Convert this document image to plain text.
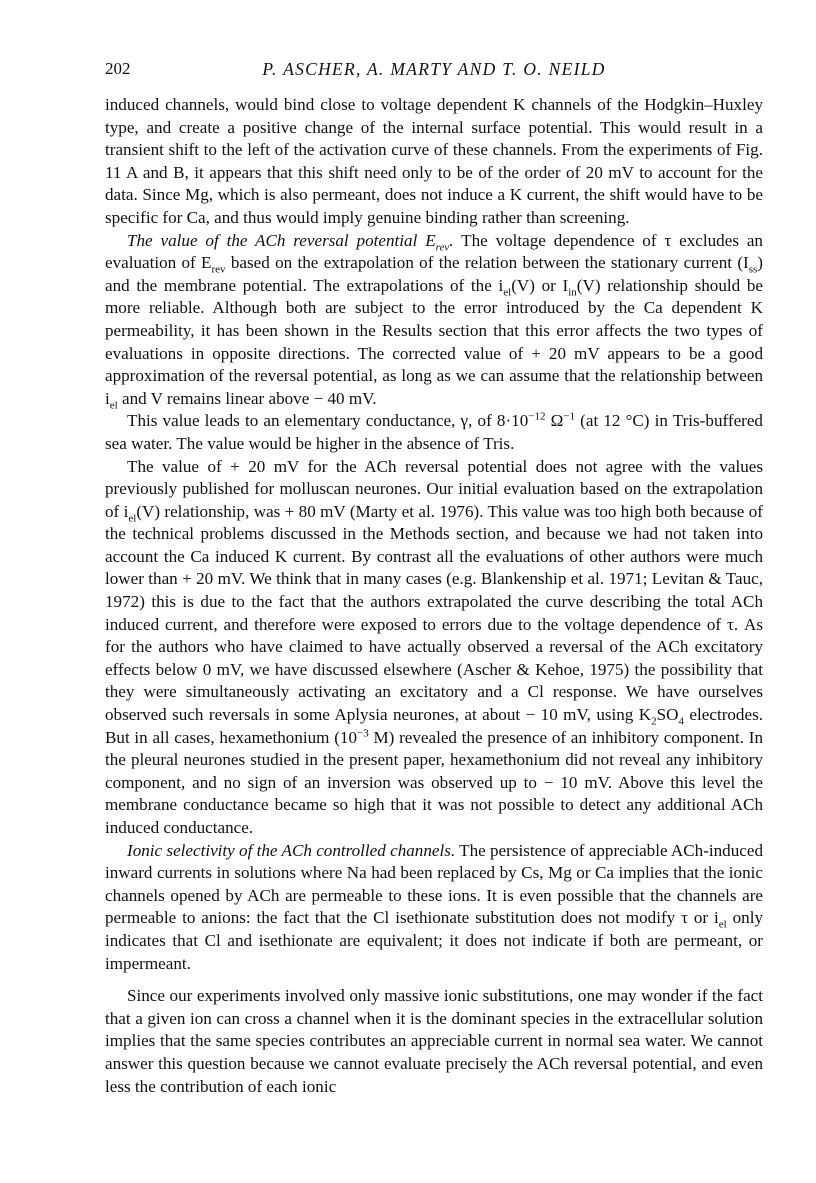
202	P. ASCHER, A. MARTY AND T. O. NEILD

induced channels, would bind close to voltage dependent K channels of the Hodgkin–Huxley type, and create a positive change of the internal surface potential. This would result in a transient shift to the left of the activation curve of these channels. From the experiments of Fig. 11 A and B, it appears that this shift need only to be of the order of 20 mV to account for the data. Since Mg, which is also permeant, does not induce a K current, the shift would have to be specific for Ca, and thus would imply genuine binding rather than screening.

The value of the ACh reversal potential $E_{rev}$. The voltage dependence of τ excludes an evaluation of $E_{rev}$ based on the extrapolation of the relation between the stationary current $(I_{ss})$ and the membrane potential. The extrapolations of the $i_{el}(V)$ or $I_{in}(V)$ relationship should be more reliable. Although both are subject to the error introduced by the Ca dependent K permeability, it has been shown in the Results section that this error affects the two types of evaluations in opposite directions. The corrected value of + 20 mV appears to be a good approximation of the reversal potential, as long as we can assume that the relationship between $i_{el}$ and V remains linear above − 40 mV.

This value leads to an elementary conductance, γ, of $8\cdot 10^{-12}$ $\Omega^{-1}$ (at 12 °C) in Tris-buffered sea water. The value would be higher in the absence of Tris.

The value of + 20 mV for the ACh reversal potential does not agree with the values previously published for molluscan neurones. Our initial evaluation based on the extrapolation of $i_{el}(V)$ relationship, was + 80 mV (Marty et al. 1976). This value was too high both because of the technical problems discussed in the Methods section, and because we had not taken into account the Ca induced K current. By contrast all the evaluations of other authors were much lower than + 20 mV. We think that in many cases (e.g. Blankenship et al. 1971; Levitan & Tauc, 1972) this is due to the fact that the authors extrapolated the curve describing the total ACh induced current, and therefore were exposed to errors due to the voltage dependence of τ. As for the authors who have claimed to have actually observed a reversal of the ACh excitatory effects below 0 mV, we have discussed elsewhere (Ascher & Kehoe, 1975) the possibility that they were simultaneously activating an excitatory and a Cl response. We have ourselves observed such reversals in some Aplysia neurones, at about − 10 mV, using $K_2SO_4$ electrodes. But in all cases, hexamethonium ($10^{-3}$ M) revealed the presence of an inhibitory component. In the pleural neurones studied in the present paper, hexamethonium did not reveal any inhibitory component, and no sign of an inversion was observed up to − 10 mV. Above this level the membrane conductance became so high that it was not possible to detect any additional ACh induced conductance.

Ionic selectivity of the ACh controlled channels. The persistence of appreciable ACh-induced inward currents in solutions where Na had been replaced by Cs, Mg or Ca implies that the ionic channels opened by ACh are permeable to these ions. It is even possible that the channels are permeable to anions: the fact that the Cl isethionate substitution does not modify τ or $i_{el}$ only indicates that Cl and isethionate are equivalent; it does not indicate if both are permeant, or impermeant.

Since our experiments involved only massive ionic substitutions, one may wonder if the fact that a given ion can cross a channel when it is the dominant species in the extracellular solution implies that the same species contributes an appreciable current in normal sea water. We cannot answer this question because we cannot evaluate precisely the ACh reversal potential, and even less the contribution of each ionic
